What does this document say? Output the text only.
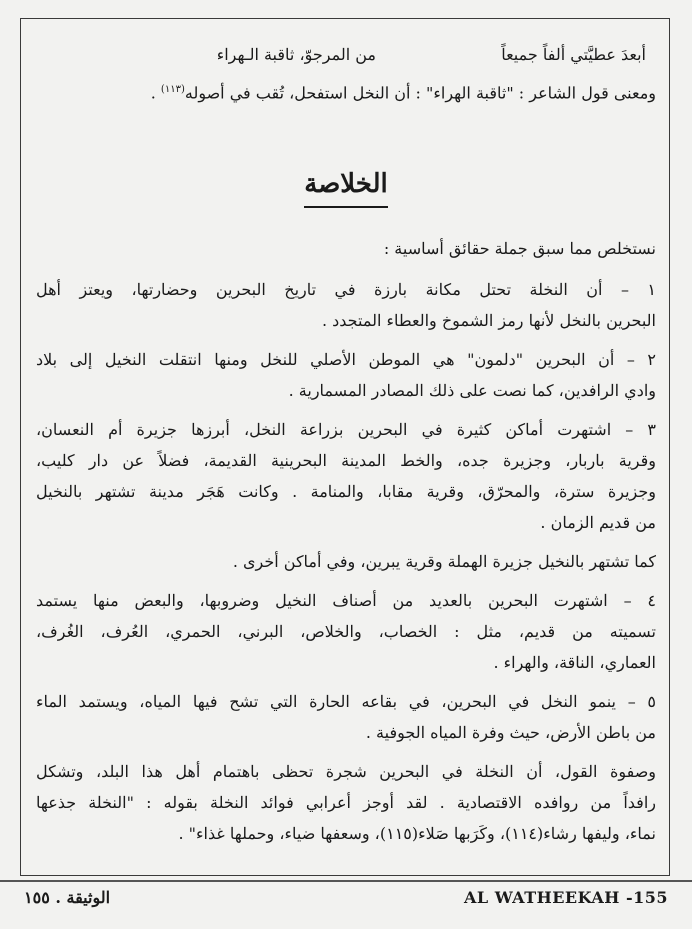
أبعدَ عطيَّتي ألفاً جميعاً
من المرجوّ، ثاقبة الـهراء
ومعنى قول الشاعر : "ثاقبة الهراء" : أن النخل استفحل، تُقب في أصوله$^{(١١٣)}$ .
الخلاصة
نستخلص مما سبق جملة حقائق أساسية :
١ – أن النخلة تحتل مكانة بارزة في تاريخ البحرين وحضارتها، ويعتز أهل
البحرين بالنخل لأنها رمز الشموخ والعطاء المتجدد .
٢ – أن البحرين "دلمون" هي الموطن الأصلي للنخل ومنها انتقلت النخيل إلى بلاد
وادي الرافدين، كما نصت على ذلك المصادر المسمارية .
٣ – اشتهرت أماكن كثيرة في البحرين بزراعة النخل، أبرزها جزيرة أم النعسان،
وقرية باربار، وجزيرة جده، والخط المدينة البحرينية القديمة، فضلاً عن دار كليب،
وجزيرة سترة، والمحرّق، وقرية مقابا، والمنامة . وكانت هَجَر مدينة تشتهر بالنخيل
من قديم الزمان .
كما تشتهر بالنخيل جزيرة الهملة وقرية يبرين، وفي أماكن أخرى .
٤ – اشتهرت البحرين بالعديد من أصناف النخيل وضروبها، والبعض منها يستمد
تسميته من قديم، مثل : الخصاب، والخلاص، البرني، الحمري، العُرف، الغُرف،
العماري، الناقة، والهراء .
٥ – ينمو النخل في البحرين، في بقاعه الحارة التي تشح فيها المياه، ويستمد الماء
من باطن الأرض، حيث وفرة المياه الجوفية .
وصفوة القول، أن النخلة في البحرين شجرة تحظى باهتمام أهل هذا البلد، وتشكل
رافداً من روافده الاقتصادية . لقد أوجز أعرابي فوائد النخلة بقوله : "النخلة جذعها
نماء، وليفها رشاء(١١٤)، وكَرَبها صَلاء(١١٥)، وسعفها ضياء، وحملها غذاء" .
AL WATHEEKAH -155
الوثيقة . ١٥٥
